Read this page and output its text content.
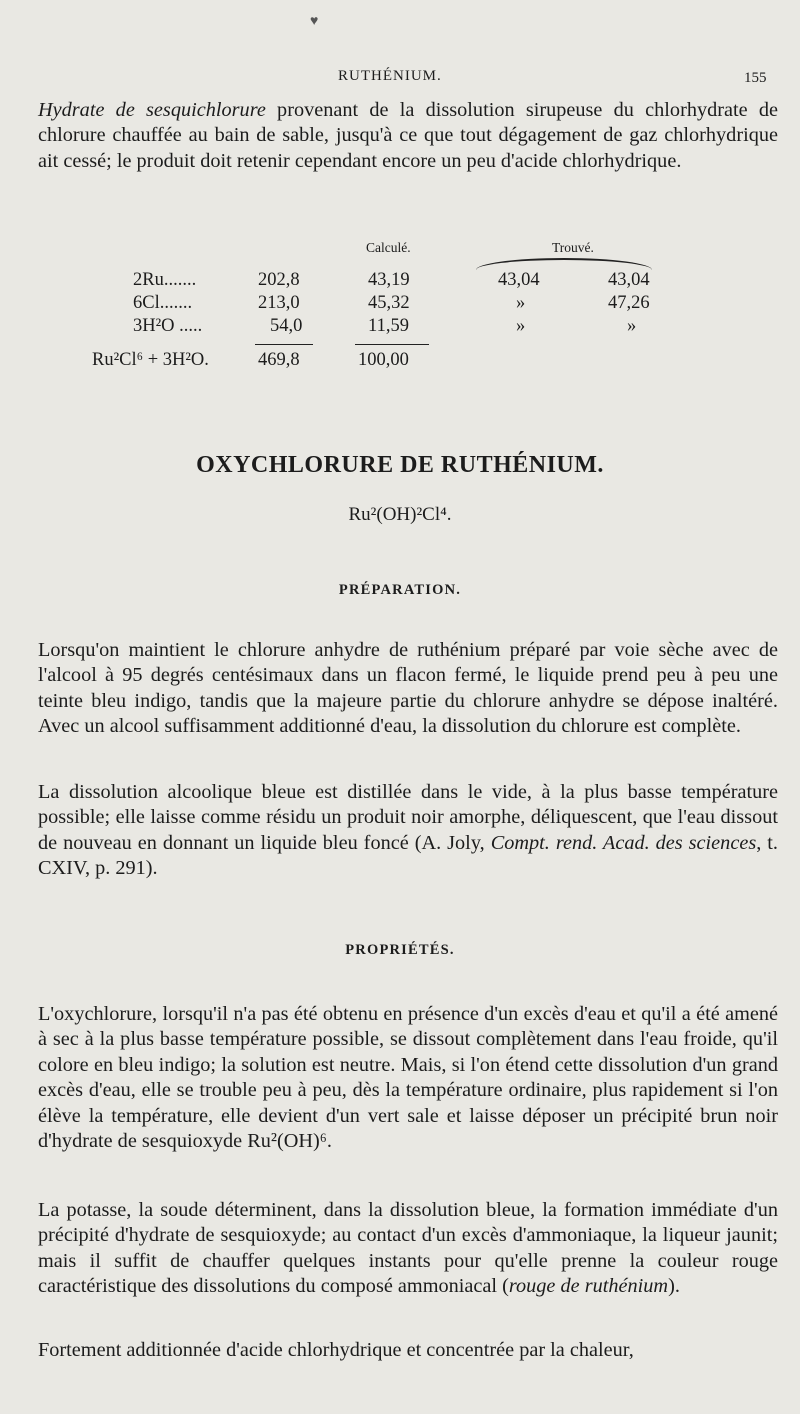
♥
RUTHÉNIUM.	155

Hydrate de sesquichlorure provenant de la dissolution sirupeuse du chlorhydrate de chlorure chauffée au bain de sable, jusqu'à ce que tout dégagement de gaz chlorhydrique ait cessé; le produit doit retenir cependant encore un peu d'acide chlorhydrique.

Calculé.	Trouvé.
2Ru.......	202,8	43,19	43,04	43,04
6Cl.......	213,0	45,32	»	47,26
3H²O .....	54,0	11,59	»	»
Ru²Cl⁶ + 3H²O.	469,8	100,00
OXYCHLORURE DE RUTHÉNIUM.
Ru²(OH)²Cl⁴.
PRÉPARATION.

Lorsqu'on maintient le chlorure anhydre de ruthénium préparé par voie sèche avec de l'alcool à 95 degrés centésimaux dans un flacon fermé, le liquide prend peu à peu une teinte bleu indigo, tandis que la majeure partie du chlorure anhydre se dépose inaltéré. Avec un alcool suffisamment additionné d'eau, la dissolution du chlorure est complète.

La dissolution alcoolique bleue est distillée dans le vide, à la plus basse température possible; elle laisse comme résidu un produit noir amorphe, déliquescent, que l'eau dissout de nouveau en donnant un liquide bleu foncé (A. Joly, Compt. rend. Acad. des sciences, t. CXIV, p. 291).

PROPRIÉTÉS.

L'oxychlorure, lorsqu'il n'a pas été obtenu en présence d'un excès d'eau et qu'il a été amené à sec à la plus basse température possible, se dissout complètement dans l'eau froide, qu'il colore en bleu indigo; la solution est neutre. Mais, si l'on étend cette dissolution d'un grand excès d'eau, elle se trouble peu à peu, dès la température ordinaire, plus rapidement si l'on élève la température, elle devient d'un vert sale et laisse déposer un précipité brun noir d'hydrate de sesquioxyde Ru²(OH)⁶.

La potasse, la soude déterminent, dans la dissolution bleue, la formation immédiate d'un précipité d'hydrate de sesquioxyde; au contact d'un excès d'ammoniaque, la liqueur jaunit; mais il suffit de chauffer quelques instants pour qu'elle prenne la couleur rouge caractéristique des dissolutions du composé ammoniacal (rouge de ruthénium).

Fortement additionnée d'acide chlorhydrique et concentrée par la chaleur,
